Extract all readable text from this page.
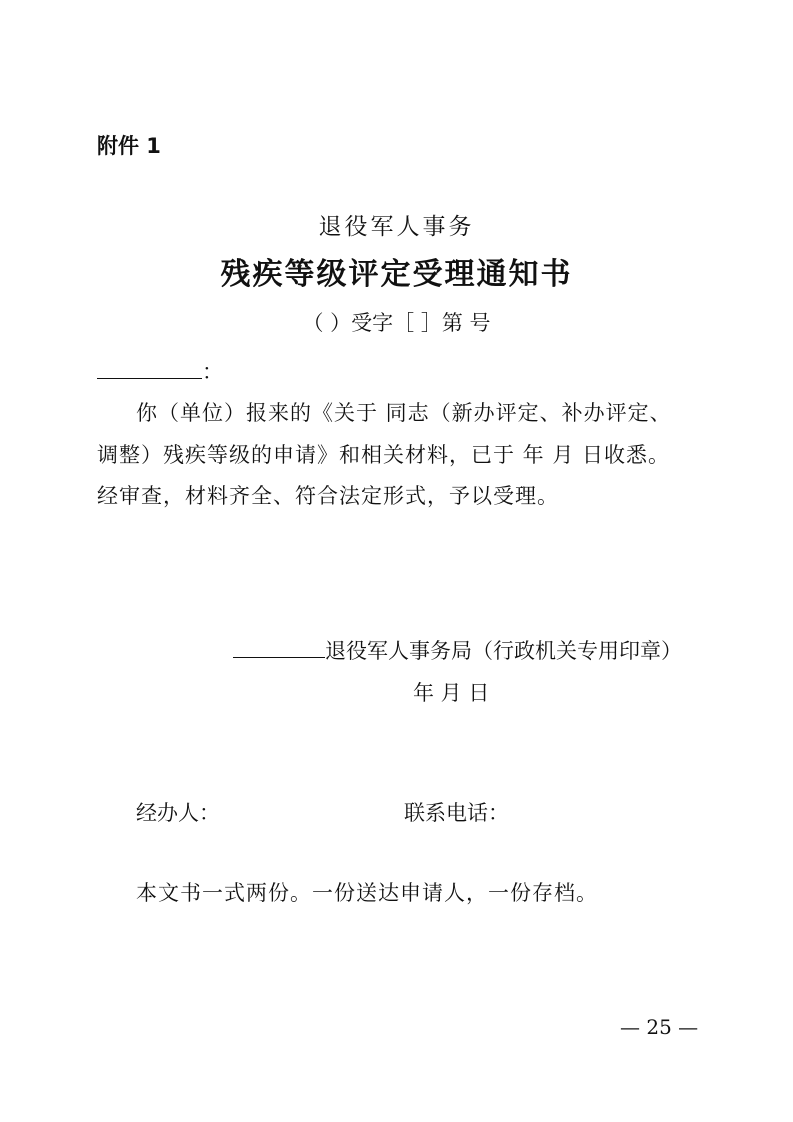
附件 1
退役军人事务
残疾等级评定受理通知书
（ ）受字［ ］第 号
：
你（单位）报来的《关于 同志（新办评定、补办评定、
调整）残疾等级的申请》和相关材料，已于 年 月 日收悉。
经审查，材料齐全、符合法定形式，予以受理。
退役军人事务局（行政机关专用印章）
年 月 日
经办人：	联系电话：
本文书一式两份。一份送达申请人，一份存档。
— 25 —
